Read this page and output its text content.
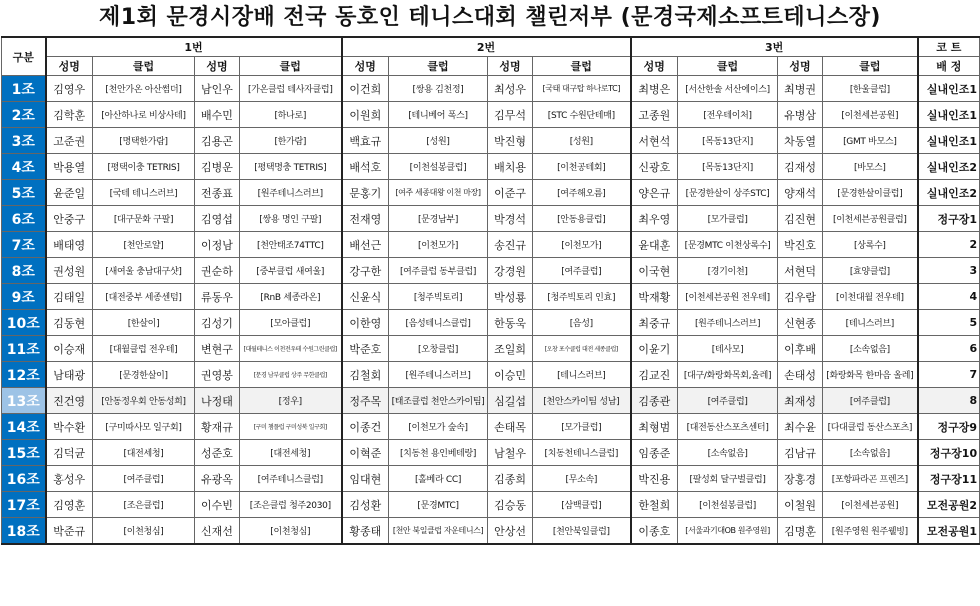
제1회 문경시장배 전국 동호인 테니스대회 챌린저부 (문경국제소프트테니스장)
구분	1번				2번				3번				코 트
	성명	클럽	성명	클럽	성명	클럽	성명	클럽	성명	클럽	성명	클럽	배 정
1조	김영우	[천안가온 아산썸더]	남인우	[가온클럽 테사자클럽]	이건희	[쌍용 김천정]	최성우	[국태 대구탑 하나로TC]	최병은	[서산한솔 서산에이스]	최병권	[한울클럽]	실내인조1
2조	김학훈	[아산하나로 비상사테]	배수민	[하나로]	이원희	[테니베어 폭스]	김무석	[STC 수원단테매]	고종원	[전우테이처]	유병삼	[이천세븐공원]	실내인조1
3조	고준권	[명택한가람]	김용곤	[한가람]	백효규	[성원]	박진형	[성원]	서현석	[목동13단지]	차동열	[GMT 바모스]	실내인조1
4조	박용열	[평택이충 TETRIS]	김병운	[평택명충 TETRIS]	배석호	[이천설봉클럽]	배치용	[이천공테회]	신광호	[목동13단지]	김재성	[바모스]	실내인조2
5조	윤준일	[국테 테니스러브]	전종표	[원주테니스러브]	문홍기	[여주 세종대왕 이천 마장]	이준구	[여주해오름]	양은규	[문경한살이 상주STC]	양재석	[문경한살이클럽]	실내인조2
6조	안중구	[대구문화 구팔]	김영섭	[쌍용 명인 구팔]	전재영	[문경남부]	박경석	[안동용클럽]	최우영	[모가클럽]	김진현	[이천세븐공원클럽]	정구장1
7조	배태영	[천안로얄]	이정남	[천안태조74TTC]	배선근	[이천모가]	송진규	[이천모가]	윤대훈	[문경MTC 이천상록수]	박진호	[상록수]	2
8조	권성원	[새여울 충남대구샷]	권순하	[중부클럽 새여울]	강구한	[여주클럽 동부클럽]	강경원	[여주클럽]	이국현	[경기이천]	서현덕	[효양클럽]	3
9조	김태일	[대전중부 세종센텀]	류동우	[RnB 세종라온]	신윤식	[청주빅토리]	박성룡	[청주빅토리 인효]	박재황	[이천세븐공원 전우테]	김우람	[이천대월 전우테]	4
10조	김동현	[한살이]	김성기	[모아클럽]	이한영	[음성테니스클럽]	한동욱	[음성]	최중규	[원주테니스러브]	신현종	[테니스러브]	5
11조	이승재	[대월클럽 전우테]	변현구	[대월테니스 이천전우테 수원그린클럽]	박준호	[오창클럽]	조일희	[오창 포수클럽 대전 세종클럽]	이윤기	[테사모]	이후배	[소속없음]	6
12조	남태광	[문경한살이]	권영봉	[문경 남부클럽 상주 무한클럽]	김철회	[원주테니스러브]	이승민	[테니스러브]	김교진	[대구/화랑화목회,올레]	손태성	[화랑화목 한마음 올레]	7
13조	진건영	[안동정우회 안동성희]	나정태	[정우]	정주목	[태조클럽 천안스카이팀]	심길섭	[천안스카이팀 성남]	김종관	[여주클럽]	최재성	[여주클럽]	8
14조	박수환	[구미따사모 일구회]	황재규	[구미 챔플럽 구미성북 일구회]	이종건	[이천모가 숲속]	손태목	[모가클럽]	최형범	[대전동산스포츠센터]	최수윤	[다대클럽 동산스포츠]	정구장9
15조	김덕균	[대전세청]	성준호	[대전세청]	이혁준	[치동천 용인베테랑]	남철우	[치동천테니스클럽]	임종준	[소속없음]	김남규	[소속없음]	정구장10
16조	홍성우	[여주클럽]	유광옥	[여주테니스클럽]	임대현	[홀베라 CC]	김종희	[무소속]	박진용	[팔성회 달구벌클럽]	장홍경	[포항파라곤 프렌즈]	정구장11
17조	김영훈	[조은클럽]	이수빈	[조은클럽 청주2030]	김성환	[문경MTC]	김승동	[삼백클럽]	한철희	[이천설봉클럽]	이철원	[이천세븐공원]	모전공원2
18조	박준규	[이천청심]	신재선	[이천청심]	황종태	[천안 북일클럽 자운테니스]	안상선	[천안북일클럽]	이종호	[서울과기대OB 원주영원]	김명훈	[원주영원 원주웰빙]	모전공원1
